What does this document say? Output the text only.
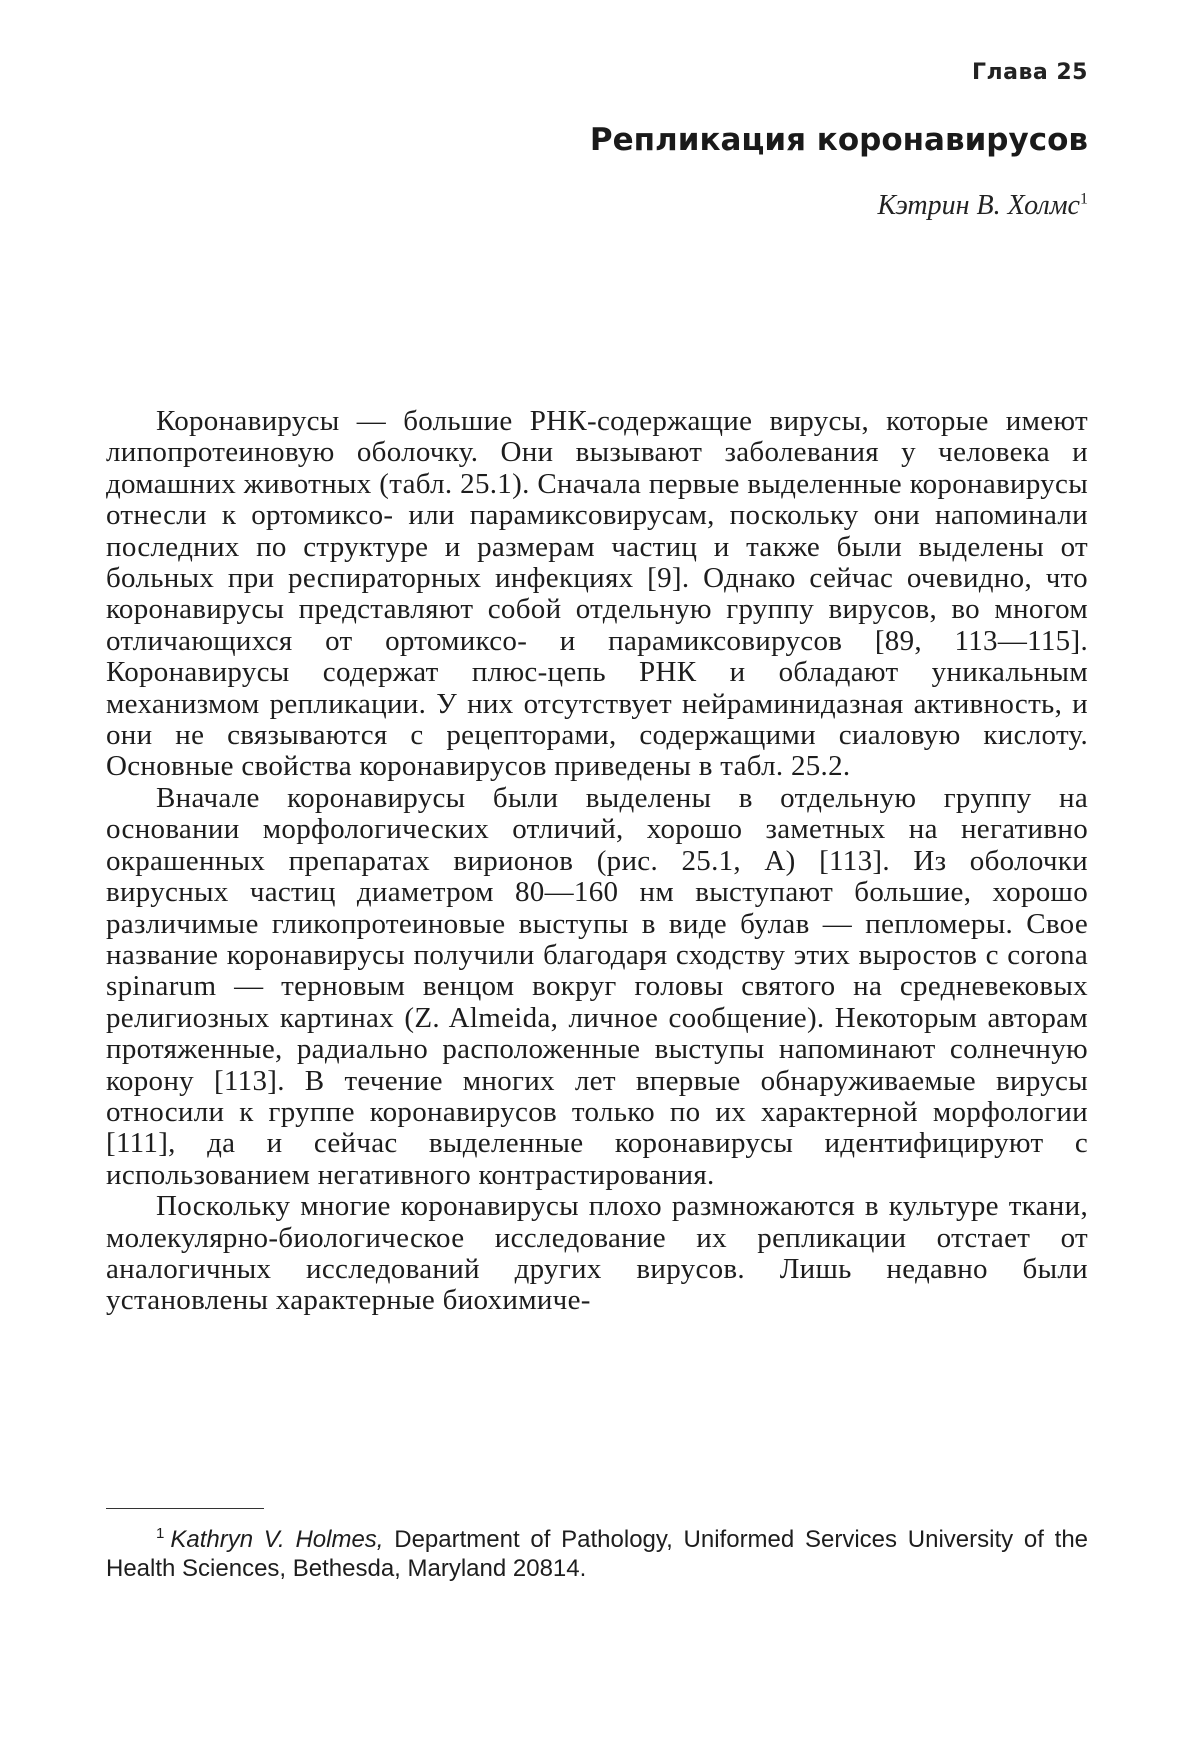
Глава 25
Репликация коронавирусов
Кэтрин В. Холмс$^1$

Коронавирусы — большие РНК-содержащие вирусы, которые имеют липопротеиновую оболочку. Они вызывают заболевания у человека и домашних животных (табл. 25.1). Сначала первые выделенные коронавирусы отнесли к ортомиксо- или парамиксовирусам, поскольку они напоминали последних по структуре и размерам частиц и также были выделены от больных при респираторных инфекциях [9]. Однако сейчас очевидно, что коронавирусы представляют собой отдельную группу вирусов, во многом отличающихся от ортомиксо- и парамиксовирусов [89, 113—115]. Коронавирусы содержат плюс-цепь РНК и обладают уникальным механизмом репликации. У них отсутствует нейраминидазная активность, и они не связываются с рецепторами, содержащими сиаловую кислоту. Основные свойства коронавирусов приведены в табл. 25.2.

Вначале коронавирусы были выделены в отдельную группу на основании морфологических отличий, хорошо заметных на негативно окрашенных препаратах вирионов (рис. 25.1, А) [113]. Из оболочки вирусных частиц диаметром 80—160 нм выступают большие, хорошо различимые гликопротеиновые выступы в виде булав — пепломеры. Свое название коронавирусы получили благодаря сходству этих выростов с corona spinarum — терновым венцом вокруг головы святого на средневековых религиозных картинах (Z. Almeida, личное сообщение). Некоторым авторам протяженные, радиально расположенные выступы напоминают солнечную корону [113]. В течение многих лет впервые обнаруживаемые вирусы относили к группе коронавирусов только по их характерной морфологии [111], да и сейчас выделенные коронавирусы идентифицируют с использованием негативного контрастирования.

Поскольку многие коронавирусы плохо размножаются в культуре ткани, молекулярно-биологическое исследование их репликации отстает от аналогичных исследований других вирусов. Лишь недавно были установлены характерные биохимиче-

$^1$ Kathryn V. Holmes, Department of Pathology, Uniformed Services University of the Health Sciences, Bethesda, Maryland 20814.
